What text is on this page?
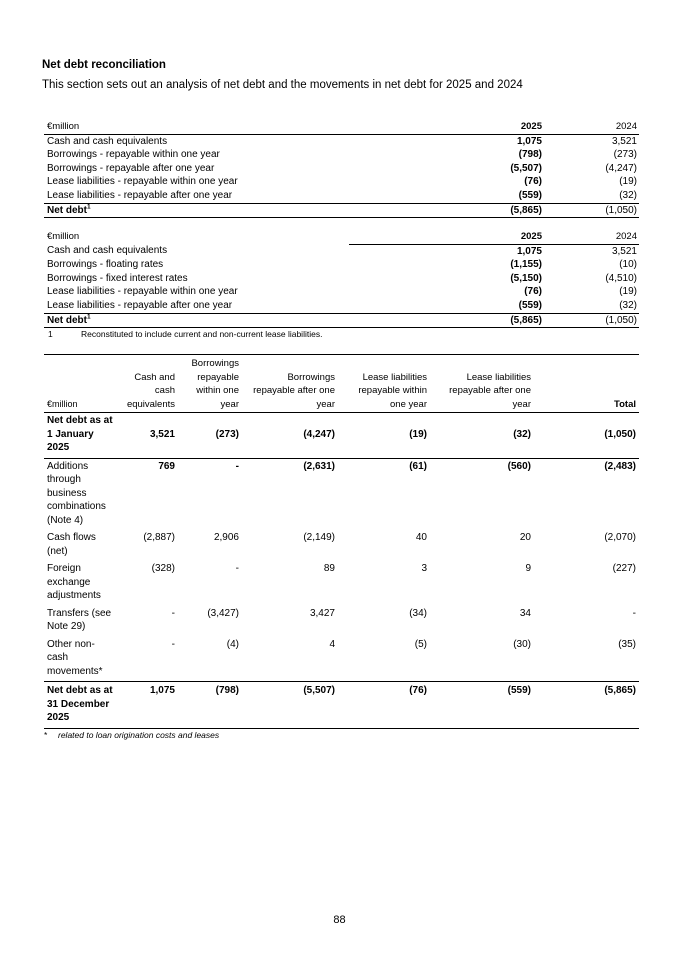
Net debt reconciliation
This section sets out an analysis of net debt and the movements in net debt for 2025 and 2024
€million	2025	2024
Cash and cash equivalents	1,075	3,521
Borrowings - repayable within one year	(798)	(273)
Borrowings - repayable after one year	(5,507)	(4,247)
Lease liabilities - repayable within one year	(76)	(19)
Lease liabilities - repayable after one year	(559)	(32)
Net debt$^1$	(5,865)	(1,050)
€million	2025	2024
Cash and cash equivalents	1,075	3,521
Borrowings - floating rates	(1,155)	(10)
Borrowings - fixed interest rates	(5,150)	(4,510)
Lease liabilities - repayable within one year	(76)	(19)
Lease liabilities - repayable after one year	(559)	(32)
Net debt$^1$	(5,865)	(1,050)
1	Reconstituted to include current and non-current lease liabilities.
€million	Cash and cash equivalents	Borrowings repayable within one year	Borrowings repayable after one year	Lease liabilities repayable within one year	Lease liabilities repayable after one year	Total
Net debt as at 1 January 2025	3,521	(273)	(4,247)	(19)	(32)	(1,050)
Additions through business combinations (Note 4)	769	-	(2,631)	(61)	(560)	(2,483)
Cash flows (net)	(2,887)	2,906	(2,149)	40	20	(2,070)
Foreign exchange adjustments	(328)	-	89	3	9	(227)
Transfers (see Note 29)	-	(3,427)	3,427	(34)	34	-
Other non-cash movements*	-	(4)	4	(5)	(30)	(35)
Net debt as at 31 December 2025	1,075	(798)	(5,507)	(76)	(559)	(5,865)
* related to loan origination costs and leases
88
